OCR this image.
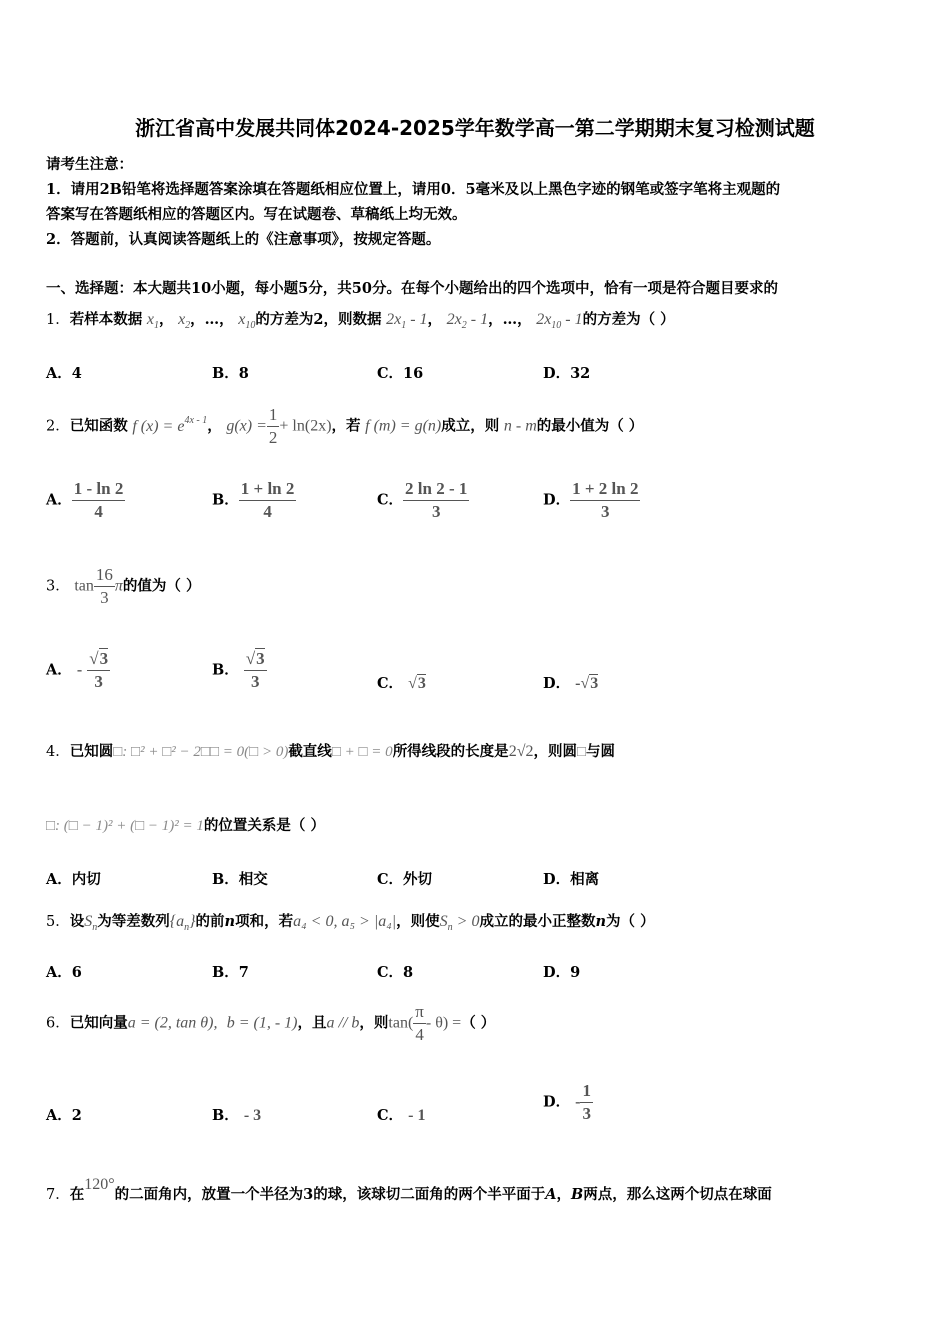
浙江省高中发展共同体2024-2025学年数学高一第二学期期末复习检测试题
请考生注意：
1．请用2B铅笔将选择题答案涂填在答题纸相应位置上，请用0．5毫米及以上黑色字迹的钢笔或签字笔将主观题的
答案写在答题纸相应的答题区内。写在试题卷、草稿纸上均无效。
2．答题前，认真阅读答题纸上的《注意事项》，按规定答题。
一、选择题：本大题共10小题，每小题5分，共50分。在每个小题给出的四个选项中，恰有一项是符合题目要求的
1．若样本数据 $x_1$， $x_2$，…， $x_{10}$的方差为2，则数据 $2x_1 - 1$， $2x_2 - 1$，…， $2x_{10} - 1$的方差为（ ）
A．4	B．8	C．16	D．32
2．已知函数 f $(x) = e^{4x - 1}$， $g(x) = \frac{1}{2} + \ln(2x)$，若 f (m) = g(n)成立，则 n - m的最小值为（ ）
A． $\frac{1 - \ln 2}{4}$	B． $\frac{1 + \ln 2}{4}$	C． $\frac{2 \ln 2 - 1}{3}$	D． $\frac{1 + 2 \ln 2}{3}$
3． $\tan \frac{16}{3}$ π的值为（ ）
A． - $\frac{√3}{3}$	B． $\frac{√3}{3}$	C． √3	D． -√3
4．已知圆□: □² + □² − 2□□ = 0(□ > 0)截直线□ + □ = 0所得线段的长度是2√2，则圆□与圆
□: (□ − 1)² + (□ − 1)² = 1的位置关系是（ ）
A．内切	B．相交	C．外切	D．相离
5．设$S_n$为等差数列$\{a_n\}$的前n项和，若a₄ < 0, a₅ > |a₄|，则使$S_n > 0$成立的最小正整数n为（ ）
A．6	B．7	C．8	D．9
6．已知向量a = (2, tan θ), b = (1, - 1)，且a // b，则$\tan( \frac{\pi}{4} - \theta)$ =（ ）
A．2	B． - 3	C． - 1
D． - $\frac{1}{3}$
7．在120°的二面角内，放置一个半径为3的球，该球切二面角的两个半平面于A，B两点，那么这两个切点在球面
